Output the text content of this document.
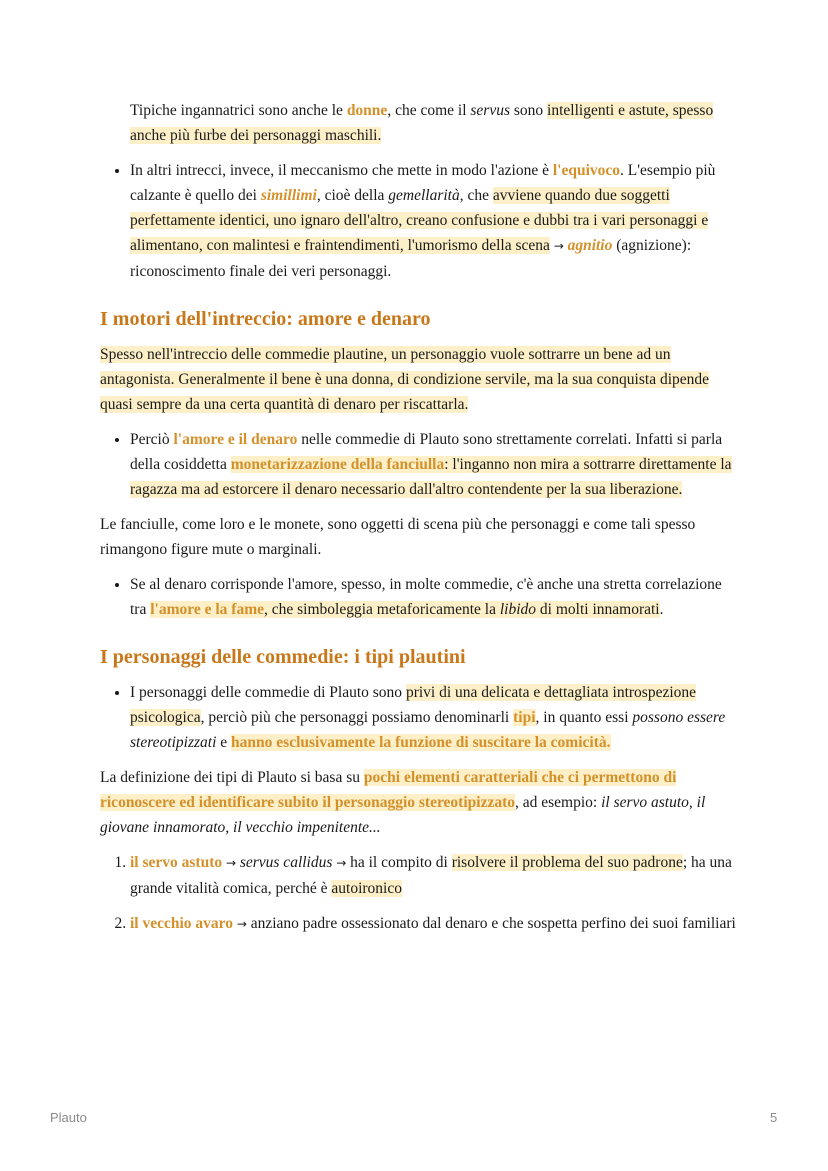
Tipiche ingannatrici sono anche le donne, che come il servus sono intelligenti e astute, spesso anche più furbe dei personaggi maschili.

• In altri intrecci, invece, il meccanismo che mette in modo l'azione è l'equivoco. L'esempio più calzante è quello dei simillimi, cioè della gemellarità, che avviene quando due soggetti perfettamente identici, uno ignaro dell'altro, creano confusione e dubbi tra i vari personaggi e alimentano, con malintesi e fraintendimenti, l'umorismo della scena → agnitio (agnizione): riconoscimento finale dei veri personaggi.
I motori dell'intreccio: amore e denaro

Spesso nell'intreccio delle commedie plautine, un personaggio vuole sottrarre un bene ad un antagonista. Generalmente il bene è una donna, di condizione servile, ma la sua conquista dipende quasi sempre da una certa quantità di denaro per riscattarla.

• Perciò l'amore e il denaro nelle commedie di Plauto sono strettamente correlati. Infatti si parla della cosiddetta monetarizzazione della fanciulla: l'inganno non mira a sottrarre direttamente la ragazza ma ad estorcere il denaro necessario dall'altro contendente per la sua liberazione.

Le fanciulle, come loro e le monete, sono oggetti di scena più che personaggi e come tali spesso rimangono figure mute o marginali.

• Se al denaro corrisponde l'amore, spesso, in molte commedie, c'è anche una stretta correlazione tra l'amore e la fame, che simboleggia metaforicamente la libido di molti innamorati.
I personaggi delle commedie: i tipi plautini
• I personaggi delle commedie di Plauto sono privi di una delicata e dettagliata introspezione psicologica, perciò più che personaggi possiamo denominarli tipi, in quanto essi possono essere stereotipizzati e hanno esclusivamente la funzione di suscitare la comicità.

La definizione dei tipi di Plauto si basa su pochi elementi caratteriali che ci permettono di riconoscere ed identificare subito il personaggio stereotipizzato, ad esempio: il servo astuto, il giovane innamorato, il vecchio impenitente...

1. il servo astuto → servus callidus → ha il compito di risolvere il problema del suo padrone; ha una grande vitalità comica, perché è autoironico
2. il vecchio avaro → anziano padre ossessionato dal denaro e che sospetta perfino dei suoi familiari
Plauto	5
